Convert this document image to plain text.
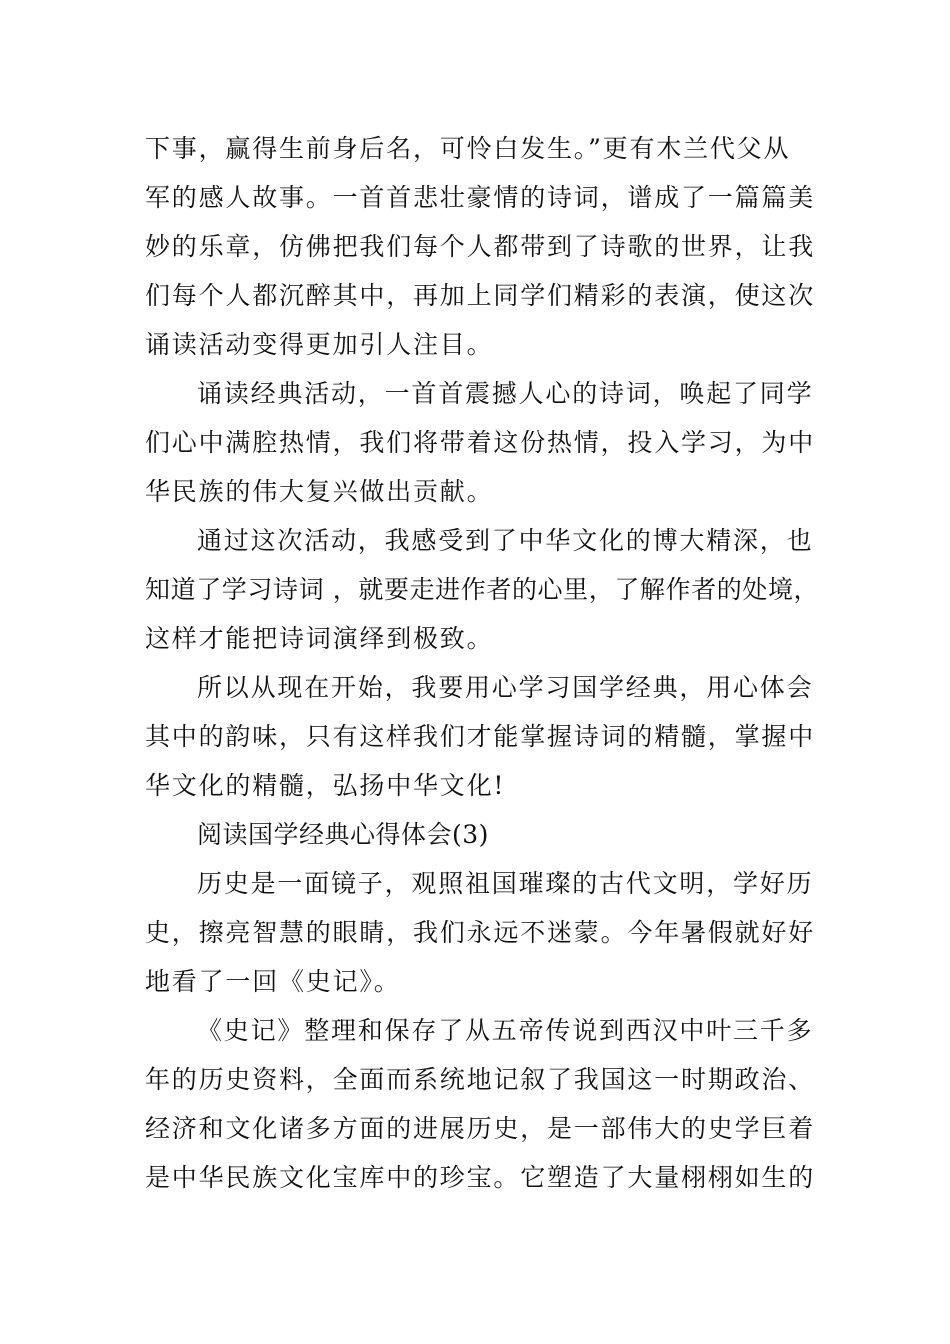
下事，赢得生前身后名，可怜白发生。”更有木兰代父从
军的感人故事。一首首悲壮豪情的诗词，谱成了一篇篇美
妙的乐章，仿佛把我们每个人都带到了诗歌的世界，让我
们每个人都沉醉其中，再加上同学们精彩的表演，使这次
诵读活动变得更加引人注目。
诵读经典活动，一首首震撼人心的诗词，唤起了同学
们心中满腔热情，我们将带着这份热情，投入学习，为中
华民族的伟大复兴做出贡献。
通过这次活动，我感受到了中华文化的博大精深，也
知道了学习诗词 ，就要走进作者的心里，了解作者的处境，
这样才能把诗词演绎到极致。
所以从现在开始，我要用心学习国学经典，用心体会
其中的韵味，只有这样我们才能掌握诗词的精髓，掌握中
华文化的精髓，弘扬中华文化!
阅读国学经典心得体会(3)
历史是一面镜子，观照祖国璀璨的古代文明，学好历
史，擦亮智慧的眼睛，我们永远不迷蒙。今年暑假就好好
地看了一回《史记》。
《史记》整理和保存了从五帝传说到西汉中叶三千多
年的历史资料，全面而系统地记叙了我国这一时期政治、
经济和文化诸多方面的进展历史，是一部伟大的史学巨着
是中华民族文化宝库中的珍宝。它塑造了大量栩栩如生的
